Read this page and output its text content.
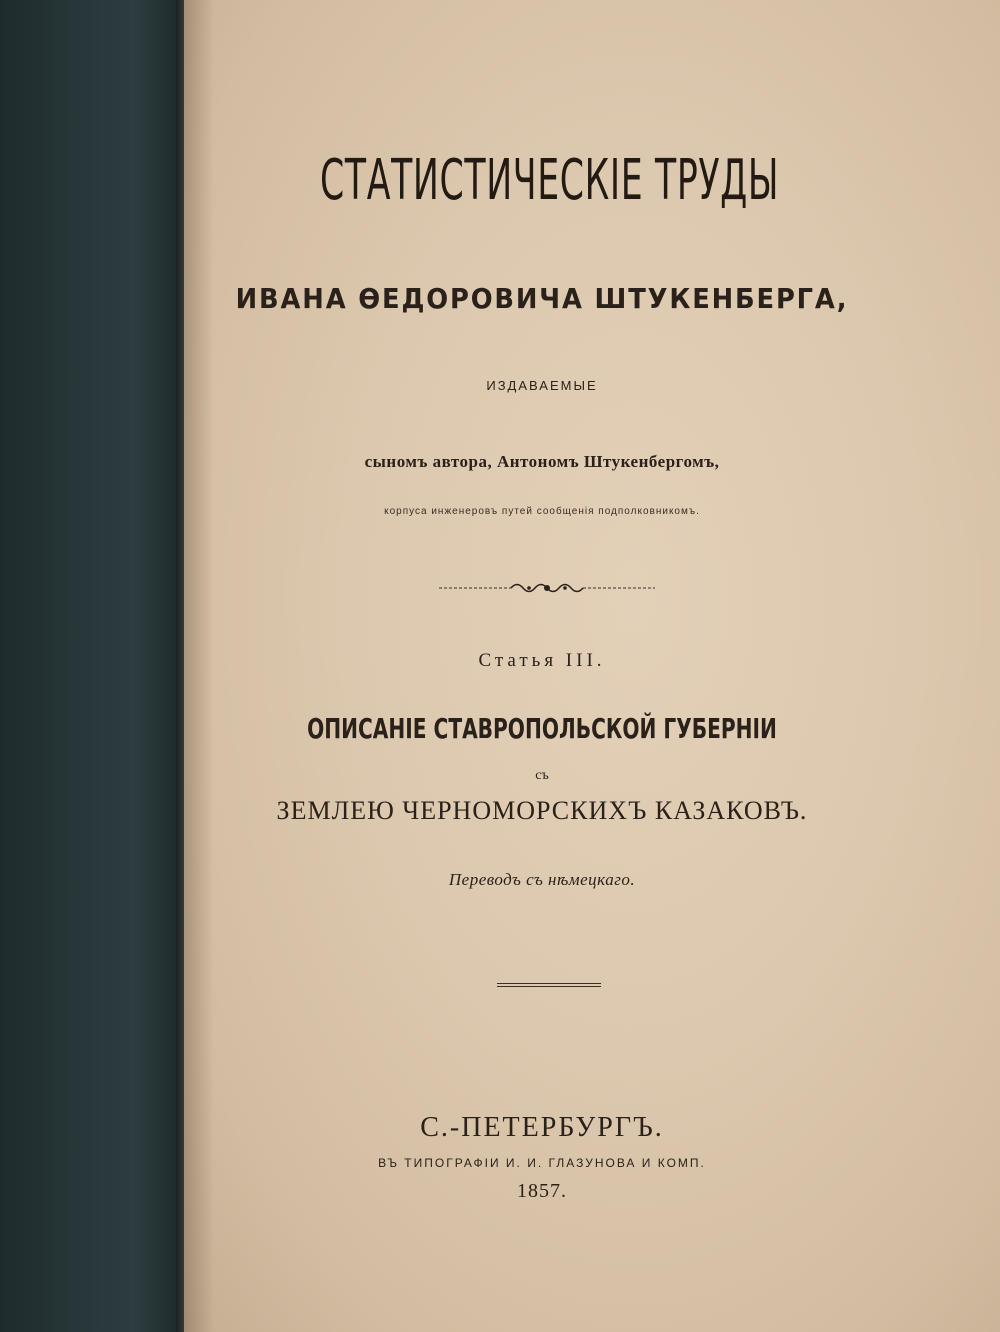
СТАТИСТИЧЕСКІЕ ТРУДЫ
ИВАНА ѲЕДОРОВИЧА ШТУКЕНБЕРГА,
ИЗДАВАЕМЫЕ
сыномъ автора, Антономъ Штукенбергомъ,
корпуса инженеровъ путей сообщенія подполковникомъ.
Статья III.
ОПИСАНІЕ СТАВРОПОЛЬСКОЙ ГУБЕРНІИ
съ
ЗЕМЛЕЮ ЧЕРНОМОРСКИХЪ КАЗАКОВЪ.
Переводъ съ нѣмецкаго.
С.-ПЕТЕРБУРГЪ.
ВЪ ТИПОГРАФІИ И. И. ГЛАЗУНОВА И КОМП.
1857.
